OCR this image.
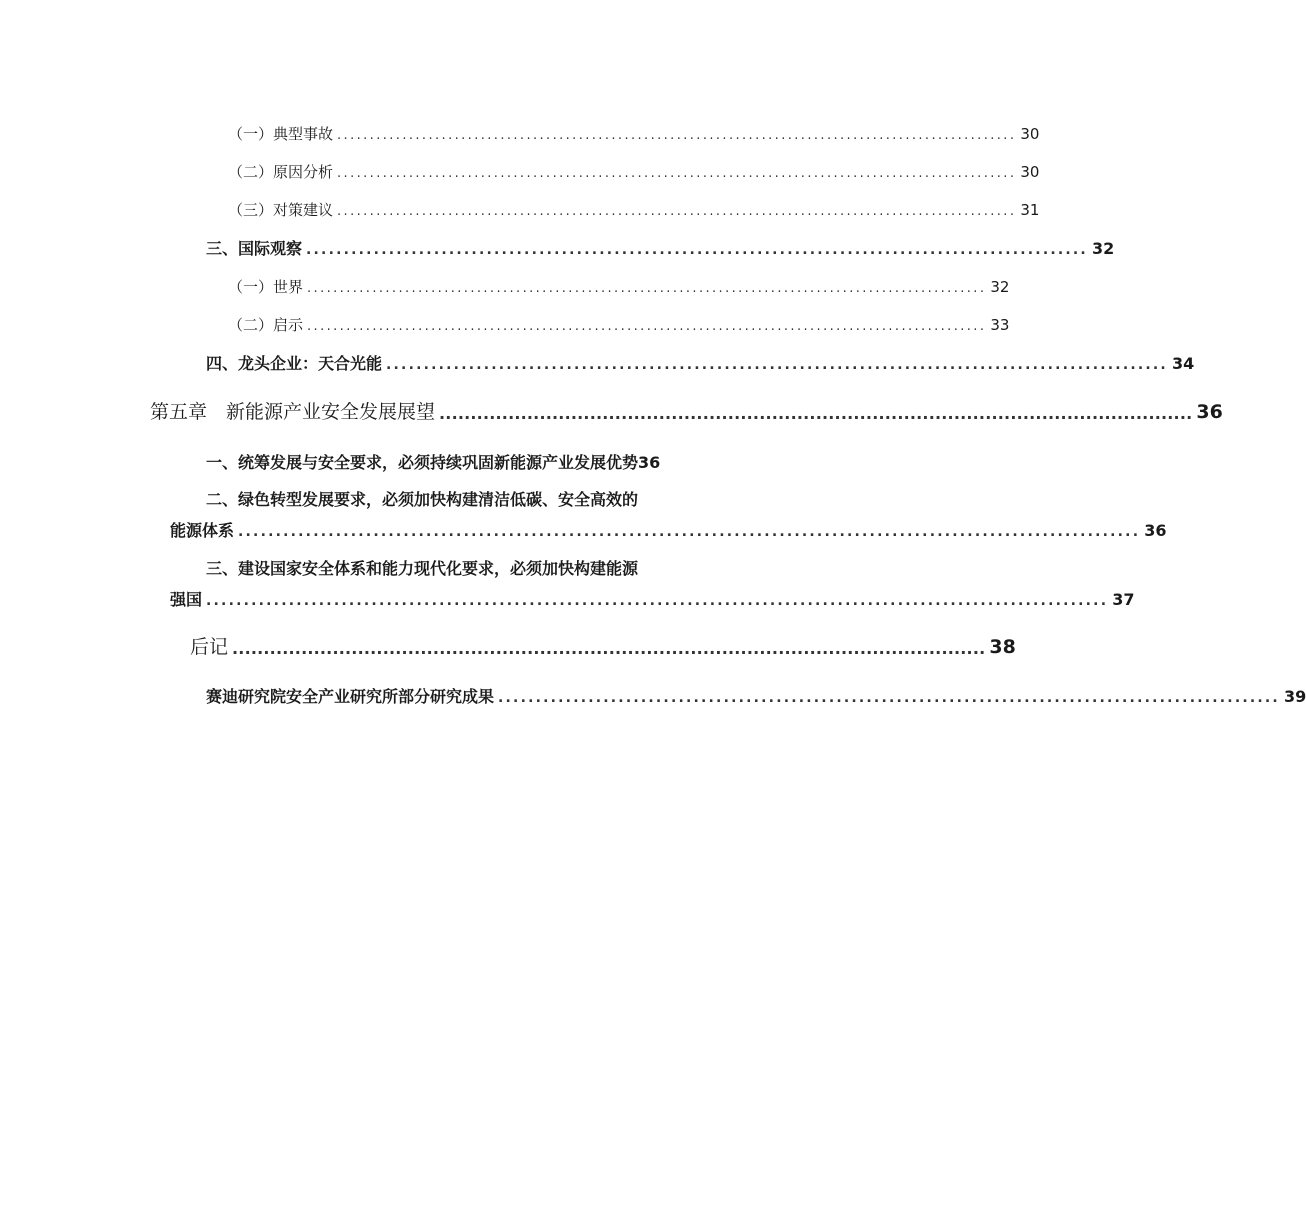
（一）典型事故 ........................................................................................................ 30
（二）原因分析 ........................................................................................................ 30
（三）对策建议 ........................................................................................................ 31
三、国际观察 ........................................................................................................ 32
（一）世界 ........................................................................................................ 32
（二）启示 ........................................................................................................ 33
四、龙头企业：天合光能 ........................................................................................................ 34
第五章　新能源产业安全发展展望 ........................................................................................................................ 36
一、统筹发展与安全要求，必须持续巩固新能源产业发展优势 36
二、绿色转型发展要求，必须加快构建清洁低碳、安全高效的
能源体系 ........................................................................................................................ 36
三、建设国家安全体系和能力现代化要求，必须加快构建能源
强国 ........................................................................................................................ 37
后记 ........................................................................................................................ 38
赛迪研究院安全产业研究所部分研究成果 ........................................................................................................ 39
